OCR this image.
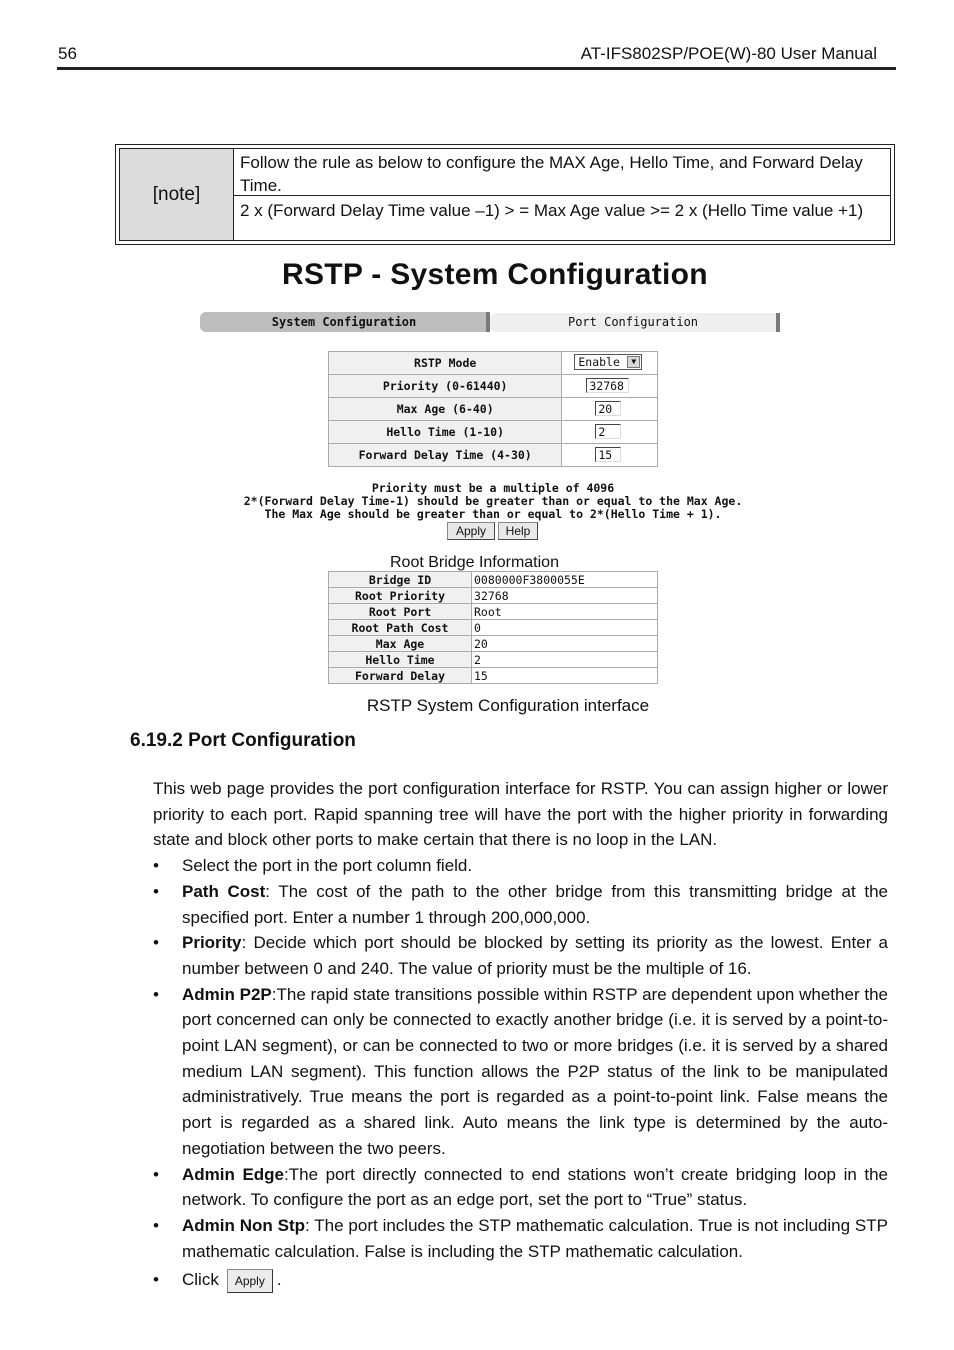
56	AT-IFS802SP/POE(W)-80 User Manual
[note]
Follow the rule as below to configure the MAX Age, Hello Time, and Forward Delay Time.
2 x (Forward Delay Time value –1) > = Max Age value >= 2 x (Hello Time value +1)
RSTP - System Configuration
System Configuration	Port Configuration
RSTP Mode	Enable ▼

Priority (0-61440)	32768

Max Age (6-40)	20

Hello Time (1-10)	2

Forward Delay Time (4-30)	15
Priority must be a multiple of 4096
2*(Forward Delay Time-1) should be greater than or equal to the Max Age.
The Max Age should be greater than or equal to 2*(Hello Time + 1).
Apply	Help
Root Bridge Information
Bridge ID	0080000F3800055E
Root Priority	32768
Root Port	Root
Root Path Cost	0
Max Age	20
Hello Time	2
Forward Delay	15
RSTP System Configuration interface
6.19.2 Port Configuration

This web page provides the port configuration interface for RSTP. You can assign higher or lower priority to each port. Rapid spanning tree will have the port with the higher priority in forwarding state and block other ports to make certain that there is no loop in the LAN.

• Select the port in the port column field.
• Path Cost: The cost of the path to the other bridge from this transmitting bridge at the specified port. Enter a number 1 through 200,000,000.
• Priority: Decide which port should be blocked by setting its priority as the lowest. Enter a number between 0 and 240. The value of priority must be the multiple of 16.
• Admin P2P:The rapid state transitions possible within RSTP are dependent upon whether the port concerned can only be connected to exactly another bridge (i.e. it is served by a point-to-point LAN segment), or can be connected to two or more bridges (i.e. it is served by a shared medium LAN segment). This function allows the P2P status of the link to be manipulated administratively. True means the port is regarded as a point-to-point link. False means the port is regarded as a shared link. Auto means the link type is determined by the auto-negotiation between the two peers.
• Admin Edge:The port directly connected to end stations won’t create bridging loop in the network. To configure the port as an edge port, set the port to “True” status.
• Admin Non Stp: The port includes the STP mathematic calculation. True is not including STP mathematic calculation. False is including the STP mathematic calculation.
• Click Apply .
